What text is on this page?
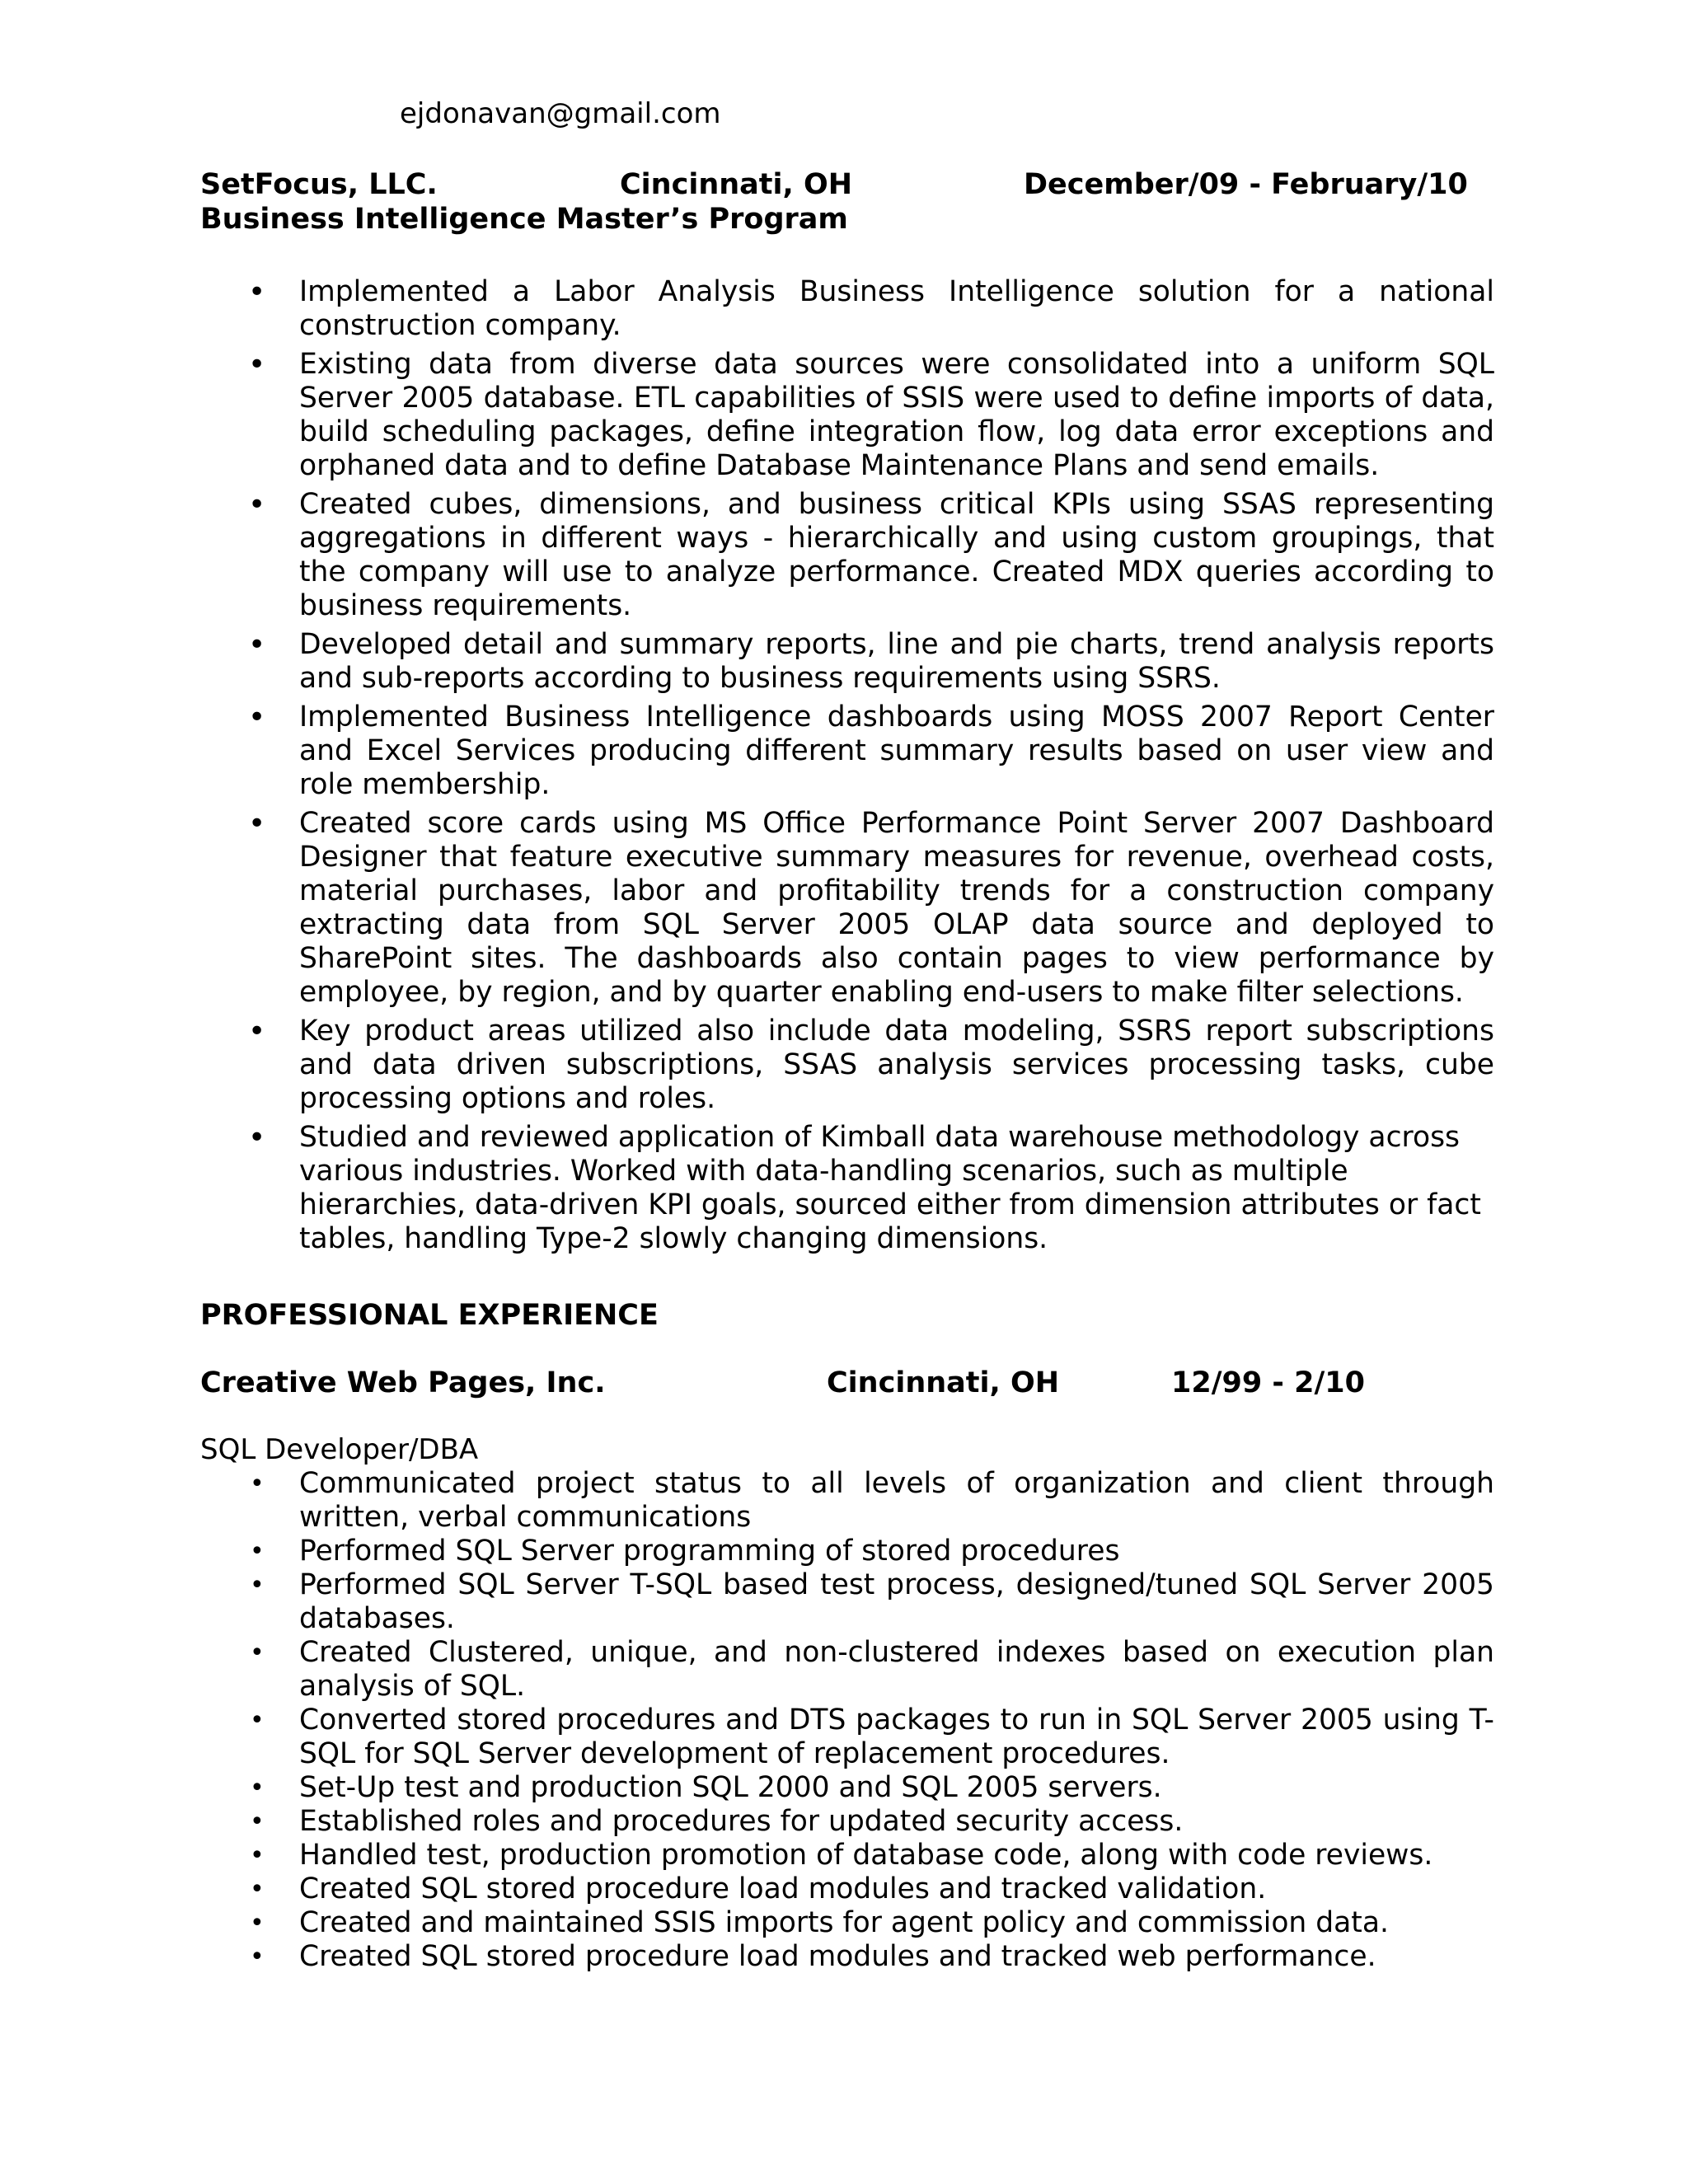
ejdonavan@gmail.com
SetFocus, LLC.	Cincinnati, OH	December/09 - February/10
Business Intelligence Master’s Program
• Implemented a Labor Analysis Business Intelligence solution for a national construction company.
• Existing data from diverse data sources were consolidated into a uniform SQL Server 2005 database. ETL capabilities of SSIS were used to define imports of data, build scheduling packages, define integration flow, log data error exceptions and orphaned data and to define Database Maintenance Plans and send emails.
• Created cubes, dimensions, and business critical KPIs using SSAS representing aggregations in different ways - hierarchically and using custom groupings, that the company will use to analyze performance. Created MDX queries according to business requirements.
• Developed detail and summary reports, line and pie charts, trend analysis reports and sub-reports according to business requirements using SSRS.
• Implemented Business Intelligence dashboards using MOSS 2007 Report Center and Excel Services producing different summary results based on user view and role membership.
• Created score cards using MS Office Performance Point Server 2007 Dashboard Designer that feature executive summary measures for revenue, overhead costs, material purchases, labor and profitability trends for a construction company extracting data from SQL Server 2005 OLAP data source and deployed to SharePoint sites. The dashboards also contain pages to view performance by employee, by region, and by quarter enabling end-users to make filter selections.
• Key product areas utilized also include data modeling, SSRS report subscriptions and data driven subscriptions, SSAS analysis services processing tasks, cube processing options and roles.
• Studied and reviewed application of Kimball data warehouse methodology across various industries. Worked with data-handling scenarios, such as multiple hierarchies, data-driven KPI goals, sourced either from dimension attributes or fact tables, handling Type-2 slowly changing dimensions.
PROFESSIONAL EXPERIENCE
Creative Web Pages, Inc.	Cincinnati, OH	12/99 - 2/10
SQL Developer/DBA
• Communicated project status to all levels of organization and client through written, verbal communications
• Performed SQL Server programming of stored procedures
• Performed SQL Server T-SQL based test process, designed/tuned SQL Server 2005 databases.
• Created Clustered, unique, and non-clustered indexes based on execution plan analysis of SQL.
• Converted stored procedures and DTS packages to run in SQL Server 2005 using T-SQL for SQL Server development of replacement procedures.
• Set-Up test and production SQL 2000 and SQL 2005 servers.
• Established roles and procedures for updated security access.
• Handled test, production promotion of database code, along with code reviews.
• Created SQL stored procedure load modules and tracked validation.
• Created and maintained SSIS imports for agent policy and commission data.
• Created SQL stored procedure load modules and tracked web performance.
